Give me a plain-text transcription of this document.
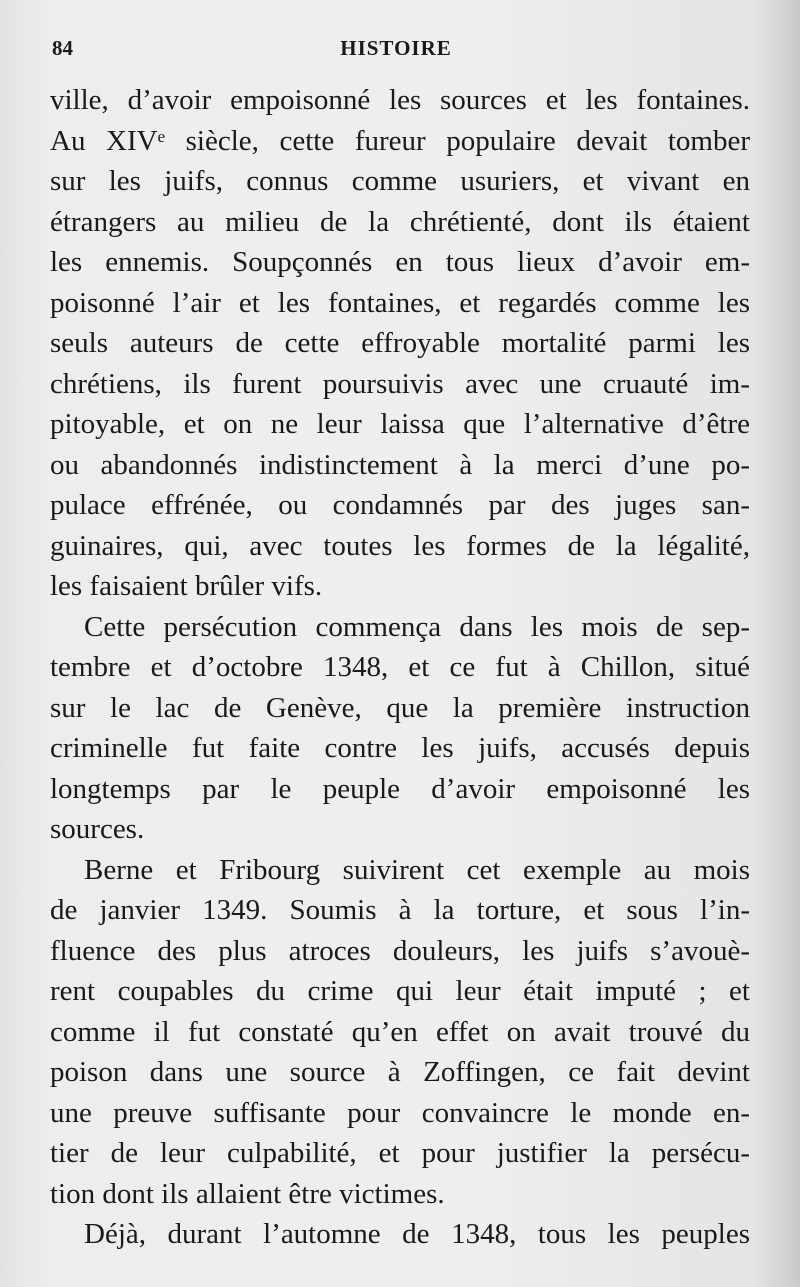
84	HISTOIRE
ville, d’avoir empoisonné les sources et les fontaines.
Au XIVᵉ siècle, cette fureur populaire devait tomber
sur les juifs, connus comme usuriers, et vivant en
étrangers au milieu de la chrétienté, dont ils étaient
les ennemis. Soupçonnés en tous lieux d’avoir em-
poisonné l’air et les fontaines, et regardés comme les
seuls auteurs de cette effroyable mortalité parmi les
chrétiens, ils furent poursuivis avec une cruauté im-
pitoyable, et on ne leur laissa que l’alternative d’être
ou abandonnés indistinctement à la merci d’une po-
pulace effrénée, ou condamnés par des juges san-
guinaires, qui, avec toutes les formes de la légalité,
les faisaient brûler vifs.
Cette persécution commença dans les mois de sep-
tembre et d’octobre 1348, et ce fut à Chillon, situé
sur le lac de Genève, que la première instruction
criminelle fut faite contre les juifs, accusés depuis
longtemps par le peuple d’avoir empoisonné les
sources.
Berne et Fribourg suivirent cet exemple au mois
de janvier 1349. Soumis à la torture, et sous l’in-
fluence des plus atroces douleurs, les juifs s’avouè-
rent coupables du crime qui leur était imputé ; et
comme il fut constaté qu’en effet on avait trouvé du
poison dans une source à Zoffingen, ce fait devint
une preuve suffisante pour convaincre le monde en-
tier de leur culpabilité, et pour justifier la persécu-
tion dont ils allaient être victimes.
Déjà, durant l’automne de 1348, tous les peuples
